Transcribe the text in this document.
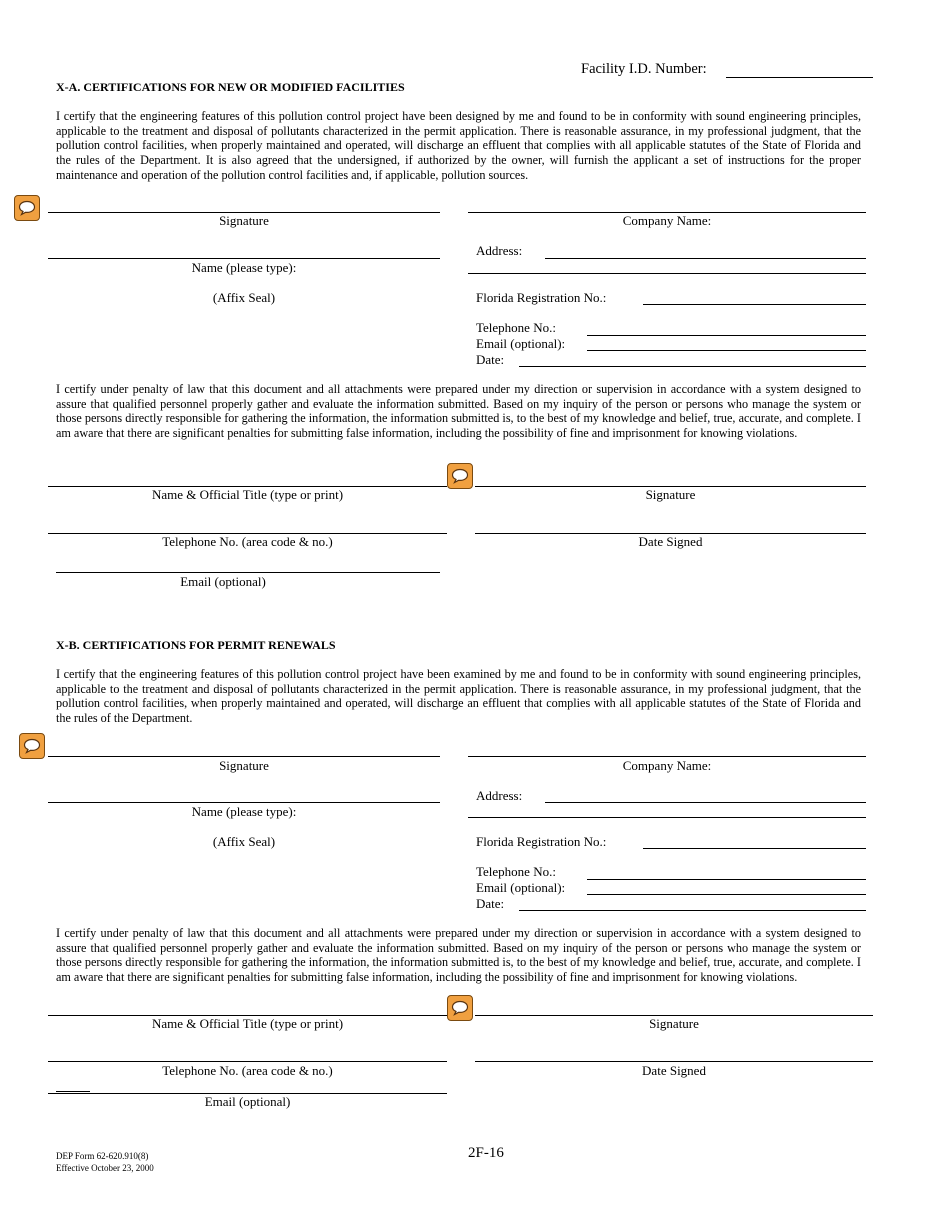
Facility I.D. Number:
X-A. CERTIFICATIONS FOR NEW OR MODIFIED FACILITIES
I certify that the engineering features of this pollution control project have been designed by me and found to be in conformity with sound engineering principles, applicable to the treatment and disposal of pollutants characterized in the permit application. There is reasonable assurance, in my professional judgment, that the pollution control facilities, when properly maintained and operated, will discharge an effluent that complies with all applicable statutes of the State of Florida and the rules of the Department. It is also agreed that the undersigned, if authorized by the owner, will furnish the applicant a set of instructions for the proper maintenance and operation of the pollution control facilities and, if applicable, pollution sources.
Signature
Name (please type):
(Affix Seal)
Company Name:
Address:
Florida Registration No.:
Telephone No.:
Email (optional):
Date:
I certify under penalty of law that this document and all attachments were prepared under my direction or supervision in accordance with a system designed to assure that qualified personnel properly gather and evaluate the information submitted. Based on my inquiry of the person or persons who manage the system or those persons directly responsible for gathering the information, the information submitted is, to the best of my knowledge and belief, true, accurate, and complete. I am aware that there are significant penalties for submitting false information, including the possibility of fine and imprisonment for knowing violations.
Name & Official Title (type or print)	Signature
Telephone No. (area code & no.)	Date Signed
Email (optional)
X-B. CERTIFICATIONS FOR PERMIT RENEWALS
I certify that the engineering features of this pollution control project have been examined by me and found to be in conformity with sound engineering principles, applicable to the treatment and disposal of pollutants characterized in the permit application. There is reasonable assurance, in my professional judgment, that the pollution control facilities, when properly maintained and operated, will discharge an effluent that complies with all applicable statutes of the State of Florida and the rules of the Department.
Signature
Name (please type):
(Affix Seal)
Company Name:
Address:
Florida Registration No.:
Telephone No.:
Email (optional):
Date:
I certify under penalty of law that this document and all attachments were prepared under my direction or supervision in accordance with a system designed to assure that qualified personnel properly gather and evaluate the information submitted. Based on my inquiry of the person or persons who manage the system or those persons directly responsible for gathering the information, the information submitted is, to the best of my knowledge and belief, true, accurate, and complete. I am aware that there are significant penalties for submitting false information, including the possibility of fine and imprisonment for knowing violations.
Name & Official Title (type or print)	Signature
Telephone No. (area code & no.)	Date Signed
Email (optional)
DEP Form 62-620.910(8)
Effective October 23, 2000
2F-16
